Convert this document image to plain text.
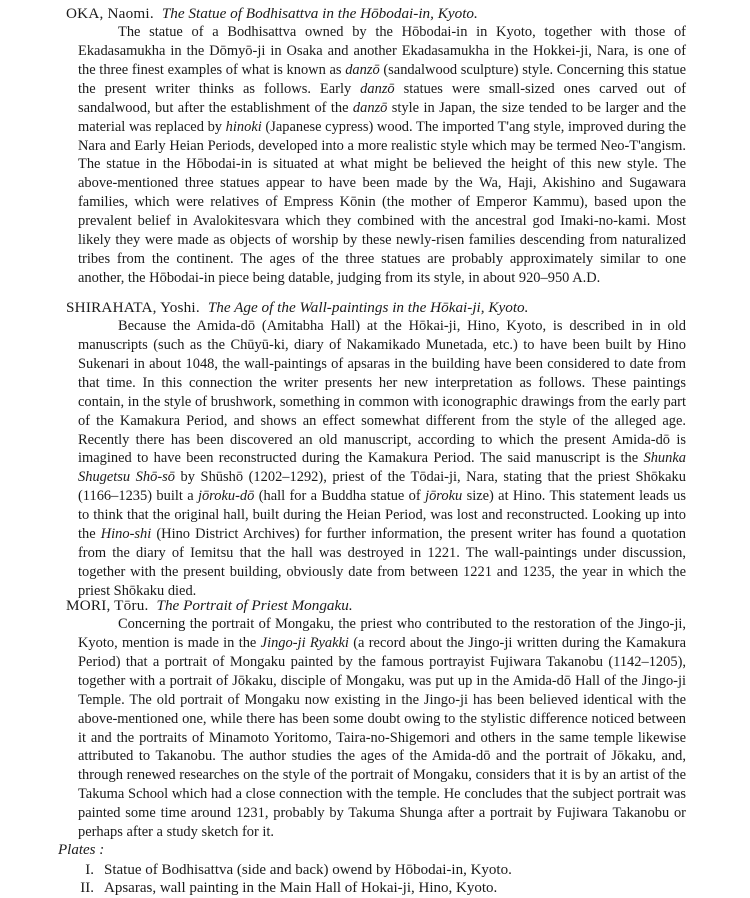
OKA, Naomi. The Statue of Bodhisattva in the Hōbodai-in, Kyoto.

The statue of a Bodhisattva owned by the Hōbodai-in in Kyoto, together with those of Ekadasamukha in the Dōmyō-ji in Osaka and another Ekadasamukha in the Hokkei-ji, Nara, is one of the three finest examples of what is known as danzō (sandalwood sculpture) style. Concerning this statue the present writer thinks as follows. Early danzō statues were small-sized ones carved out of sandalwood, but after the establishment of the danzō style in Japan, the size tended to be larger and the material was replaced by hinoki (Japanese cypress) wood. The imported T'ang style, improved during the Nara and Early Heian Periods, developed into a more realistic style which may be termed Neo-T'angism. The statue in the Hōbodai-in is situated at what might be believed the height of this new style. The above-mentioned three statues appear to have been made by the Wa, Haji, Akishino and Sugawara families, which were relatives of Empress Kōnin (the mother of Emperor Kammu), based upon the prevalent belief in Avalokitesvara which they combined with the ancestral god Imaki-no-kami. Most likely they were made as objects of worship by these newly-risen families descending from naturalized tribes from the continent. The ages of the three statues are probably approximately similar to one another, the Hōbodai-in piece being datable, judging from its style, in about 920–950 A.D.

SHIRAHATA, Yoshi. The Age of the Wall-paintings in the Hōkai-ji, Kyoto.

Because the Amida-dō (Amitabha Hall) at the Hōkai-ji, Hino, Kyoto, is described in in old manuscripts (such as the Chūyū-ki, diary of Nakamikado Munetada, etc.) to have been built by Hino Sukenari in about 1048, the wall-paintings of apsaras in the building have been considered to date from that time. In this connection the writer presents her new interpretation as follows. These paintings contain, in the style of brushwork, something in common with iconographic drawings from the early part of the Kamakura Period, and shows an effect somewhat different from the style of the alleged age. Recently there has been discovered an old manuscript, according to which the present Amida-dō is imagined to have been reconstructed during the Kamakura Period. The said manuscript is the Shunka Shugetsu Shō-sō by Shūshō (1202–1292), priest of the Tōdai-ji, Nara, stating that the priest Shōkaku (1166–1235) built a jōroku-dō (hall for a Buddha statue of jōroku size) at Hino. This statement leads us to think that the original hall, built during the Heian Period, was lost and reconstructed. Looking up into the Hino-shi (Hino District Archives) for further information, the present writer has found a quotation from the diary of Iemitsu that the hall was destroyed in 1221. The wall-paintings under discussion, together with the present building, obviously date from between 1221 and 1235, the year in which the priest Shōkaku died.

MORI, Tōru. The Portrait of Priest Mongaku.

Concerning the portrait of Mongaku, the priest who contributed to the restoration of the Jingo-ji, Kyoto, mention is made in the Jingo-ji Ryakki (a record about the Jingo-ji written during the Kamakura Period) that a portrait of Mongaku painted by the famous portrayist Fujiwara Takanobu (1142–1205), together with a portrait of Jōkaku, disciple of Mongaku, was put up in the Amida-dō Hall of the Jingo-ji Temple. The old portrait of Mongaku now existing in the Jingo-ji has been believed identical with the above-mentioned one, while there has been some doubt owing to the stylistic difference noticed between it and the portraits of Minamoto Yoritomo, Taira-no-Shigemori and others in the same temple likewise attributed to Takanobu. The author studies the ages of the Amida-dō and the portrait of Jōkaku, and, through renewed researches on the style of the portrait of Mongaku, considers that it is by an artist of the Takuma School which had a close connection with the temple. He concludes that the subject portrait was painted some time around 1231, probably by Takuma Shunga after a portrait by Fujiwara Takanobu or perhaps after a study sketch for it.

Plates :
I. Statue of Bodhisattva (side and back) owend by Hōbodai-in, Kyoto.
II. Apsaras, wall painting in the Main Hall of Hokai-ji, Hino, Kyoto.
